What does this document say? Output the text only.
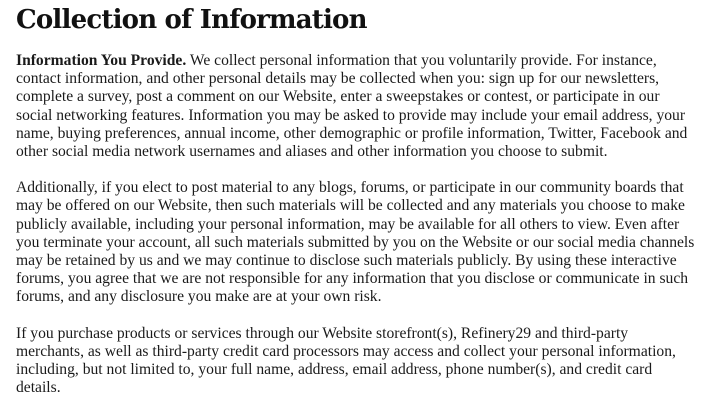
Collection of Information

Information You Provide. We collect personal information that you voluntarily provide. For instance, contact information, and other personal details may be collected when you: sign up for our newsletters, complete a survey, post a comment on our Website, enter a sweepstakes or contest, or participate in our social networking features. Information you may be asked to provide may include your email address, your name, buying preferences, annual income, other demographic or profile information, Twitter, Facebook and other social media network usernames and aliases and other information you choose to submit.

Additionally, if you elect to post material to any blogs, forums, or participate in our community boards that may be offered on our Website, then such materials will be collected and any materials you choose to make publicly available, including your personal information, may be available for all others to view. Even after you terminate your account, all such materials submitted by you on the Website or our social media channels may be retained by us and we may continue to disclose such materials publicly. By using these interactive forums, you agree that we are not responsible for any information that you disclose or communicate in such forums, and any disclosure you make are at your own risk.

If you purchase products or services through our Website storefront(s), Refinery29 and third-party merchants, as well as third-party credit card processors may access and collect your personal information, including, but not limited to, your full name, address, email address, phone number(s), and credit card details.
